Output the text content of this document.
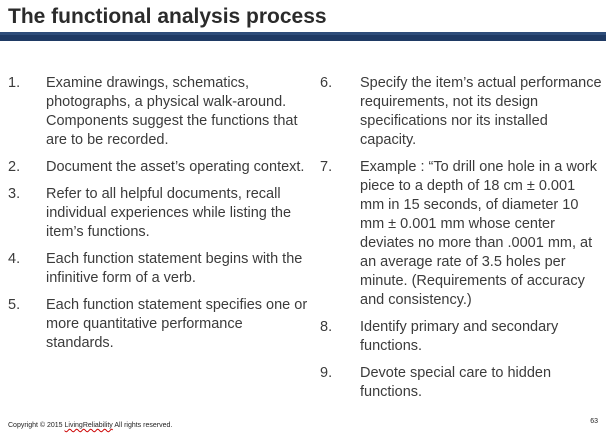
The functional analysis process
1.	Examine drawings, schematics, photographs, a physical walk-around. Components suggest the functions that are to be recorded.
2.	Document the asset’s operating context.
3.	Refer to all helpful documents, recall individual experiences while listing the item’s functions.
4.	Each function statement begins with the infinitive form of a verb.
5.	Each function statement specifies one or more quantitative performance standards.
6.	Specify the item’s actual performance requirements, not its design specifications nor its installed capacity.
7.	Example : “To drill one hole in a work piece to a depth of 18 cm ± 0.001 mm in 15 seconds, of diameter 10 mm ± 0.001 mm whose center deviates no more than .0001 mm, at an average rate of 3.5 holes per minute. (Requirements of accuracy and consistency.)
8.	Identify primary and secondary functions.
9.	Devote special care to hidden functions.
Copyright © 2015 LivingReliability All rights reserved.
63
